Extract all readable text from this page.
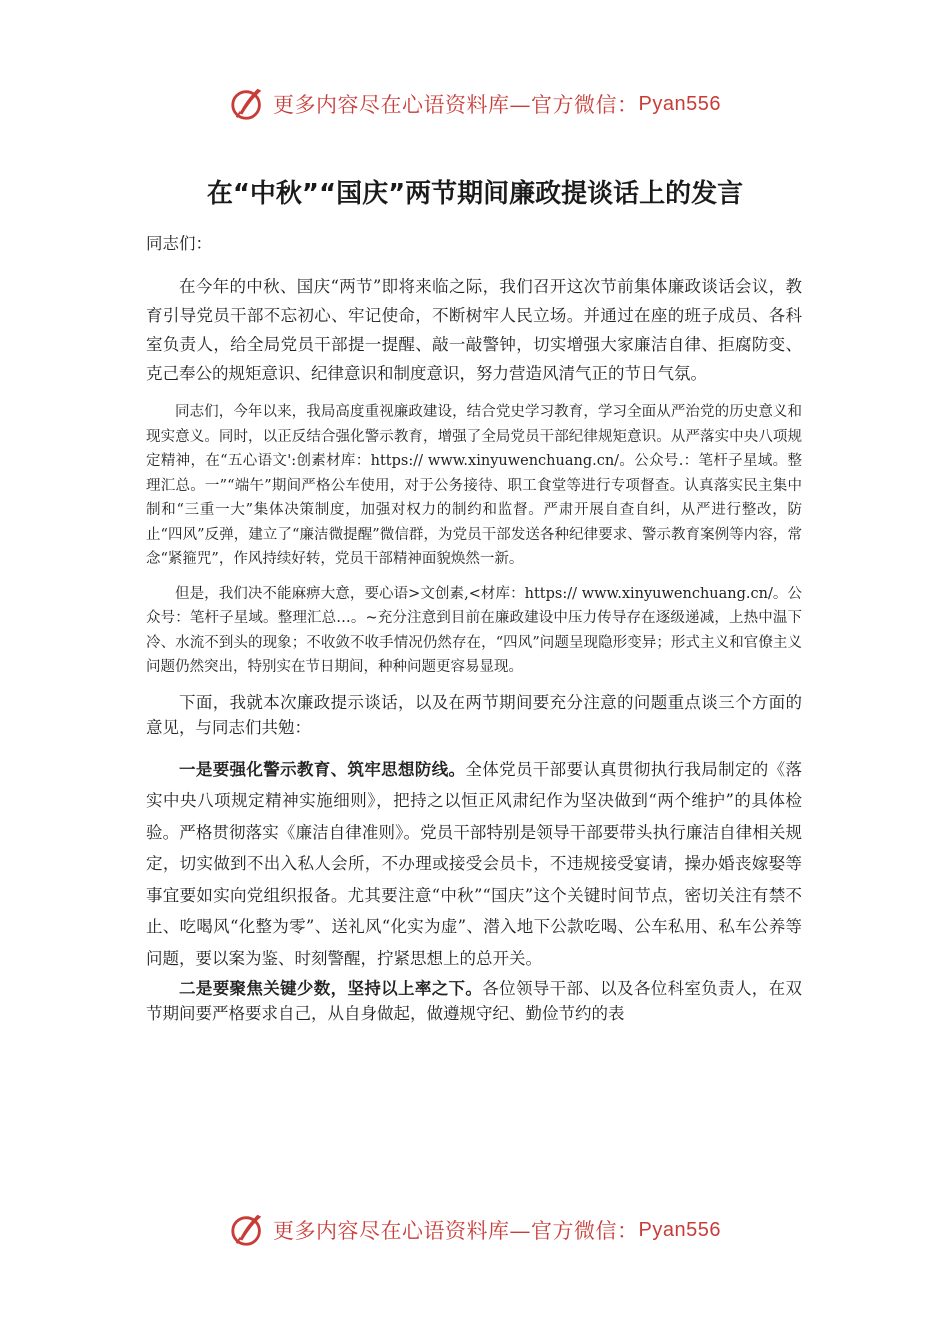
更多内容尽在心语资料库—官方微信： Pyan556
在“中秋”“国庆”两节期间廉政提谈话上的发言

同志们：

在今年的中秋、国庆“两节”即将来临之际，我们召开这次节前集体廉政谈话会议，教育引导党员干部不忘初心、牢记使命，不断树牢人民立场。并通过在座的班子成员、各科室负责人，给全局党员干部提一提醒、敲一敲警钟，切实增强大家廉洁自律、拒腐防变、克己奉公的规矩意识、纪律意识和制度意识，努力营造风清气正的节日气氛。

同志们，今年以来，我局高度重视廉政建设，结合党史学习教育，学习全面从严治党的历史意义和现实意义。同时，以正反结合强化警示教育，增强了全局党员干部纪律规矩意识。从严落实中央八项规定精神，在“五心语文':创素材库：https:// www.xinyuwenchuang.cn/。公众号.：笔杆子星域。整理汇总。一”“端午”期间严格公车使用，对于公务接待、职工食堂等进行专项督查。认真落实民主集中制和“三重一大”集体决策制度，加强对权力的制约和监督。严肃开展自查自纠，从严进行整改，防止“四风”反弹，建立了“廉洁微提醒”微信群，为党员干部发送各种纪律要求、警示教育案例等内容，常念“紧箍咒”，作风持续好转，党员干部精神面貌焕然一新。

但是，我们决不能麻痹大意，要心语>文创素,<材库：https:// www.xinyuwenchuang.cn/。公众号：笔杆子星域。整理汇总…。~充分注意到目前在廉政建设中压力传导存在逐级递减，上热中温下冷、水流不到头的现象；不收敛不收手情况仍然存在，“四风”问题呈现隐形变异；形式主义和官僚主义问题仍然突出，特别实在节日期间，种种问题更容易显现。

下面，我就本次廉政提示谈话，以及在两节期间要充分注意的问题重点谈三个方面的意见，与同志们共勉：

一是要强化警示教育、筑牢思想防线。全体党员干部要认真贯彻执行我局制定的《落实中央八项规定精神实施细则》，把持之以恒正风肃纪作为坚决做到“两个维护”的具体检验。严格贯彻落实《廉洁自律准则》。党员干部特别是领导干部要带头执行廉洁自律相关规定，切实做到不出入私人会所，不办理或接受会员卡，不违规接受宴请，操办婚丧嫁娶等事宜要如实向党组织报备。尤其要注意“中秋”“国庆”这个关键时间节点，密切关注有禁不止、吃喝风“化整为零”、送礼风“化实为虚”、潜入地下公款吃喝、公车私用、私车公养等问题，要以案为鉴、时刻警醒，拧紧思想上的总开关。

二是要聚焦关键少数，坚持以上率之下。各位领导干部、以及各位科室负责人，在双节期间要严格要求自己，从自身做起，做遵规守纪、勤俭节约的表

更多内容尽在心语资料库—官方微信： Pyan556
